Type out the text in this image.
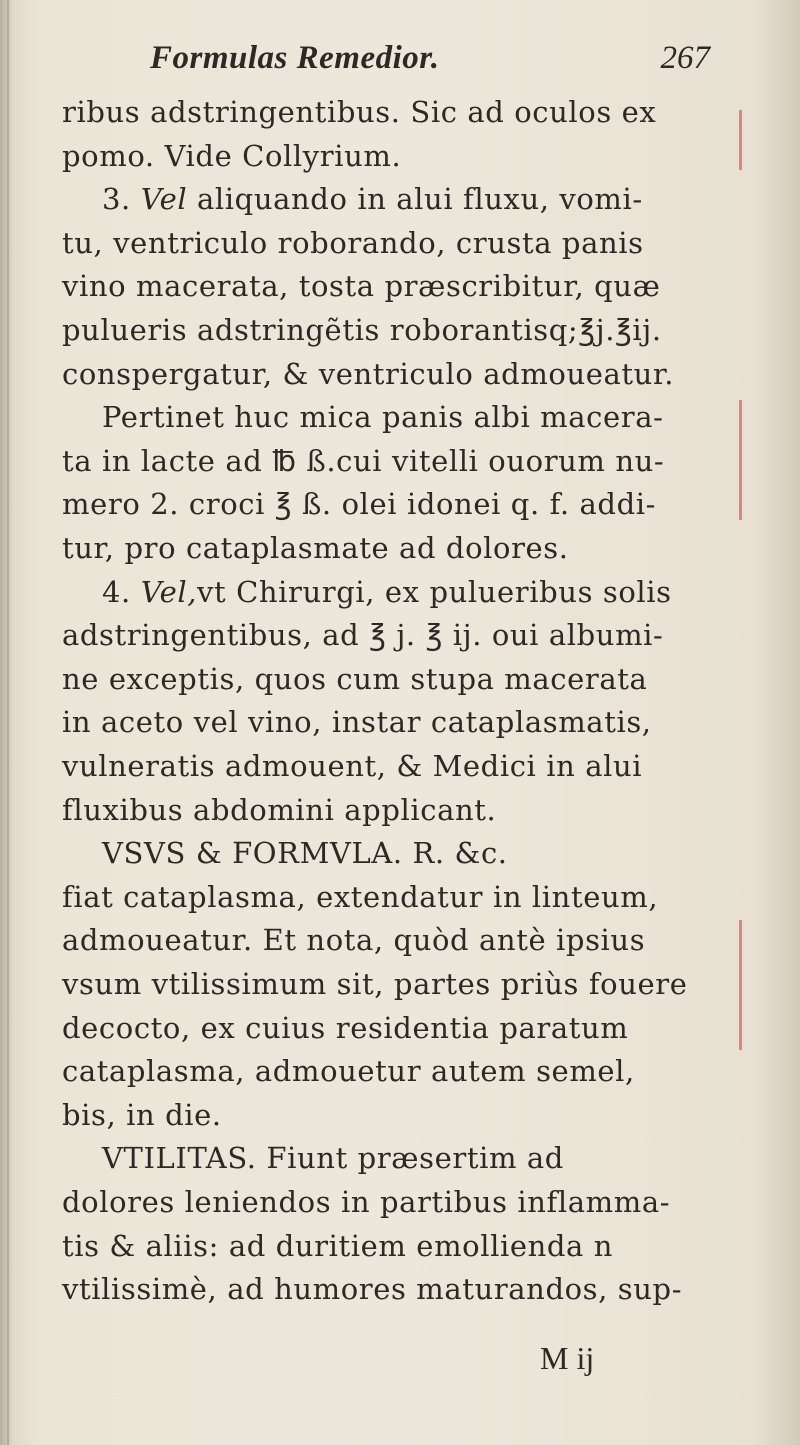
Formulas Remedior.	267
ribus adstringentibus. Sic ad oculos ex
pomo. Vide Collyrium.
3. Vel aliquando in alui fluxu, vomi-
tu, ventriculo roborando, crusta panis
vino macerata, tosta præscribitur, quæ
pulueris adstringẽtis roborantisq;℥j.℥ij.
conspergatur, & ventriculo admoueatur.
Pertinet huc mica panis albi macera-
ta in lacte ad ℔ ß.cui vitelli ouorum nu-
mero 2. croci ℥ ß. olei idonei q. f. addi-
tur, pro cataplasmate ad dolores.
4. Vel,vt Chirurgi, ex pulueribus solis
adstringentibus, ad ℥ j. ℥ ij. oui albumi-
ne exceptis, quos cum stupa macerata
in aceto vel vino, instar cataplasmatis,
vulneratis admouent, & Medici in alui
fluxibus abdomini applicant.
VSVS & FORMVLA. R. &c.
fiat cataplasma, extendatur in linteum,
admoueatur. Et nota, quòd antè ipsius
vsum vtilissimum sit, partes priùs fouere
decocto, ex cuius residentia paratum
cataplasma, admouetur autem semel,
bis, in die.
VTILITAS. Fiunt præsertim ad
dolores leniendos in partibus inflamma-
tis & aliis: ad duritiem emollienda n
vtilissimè, ad humores maturandos, sup-
M ij
